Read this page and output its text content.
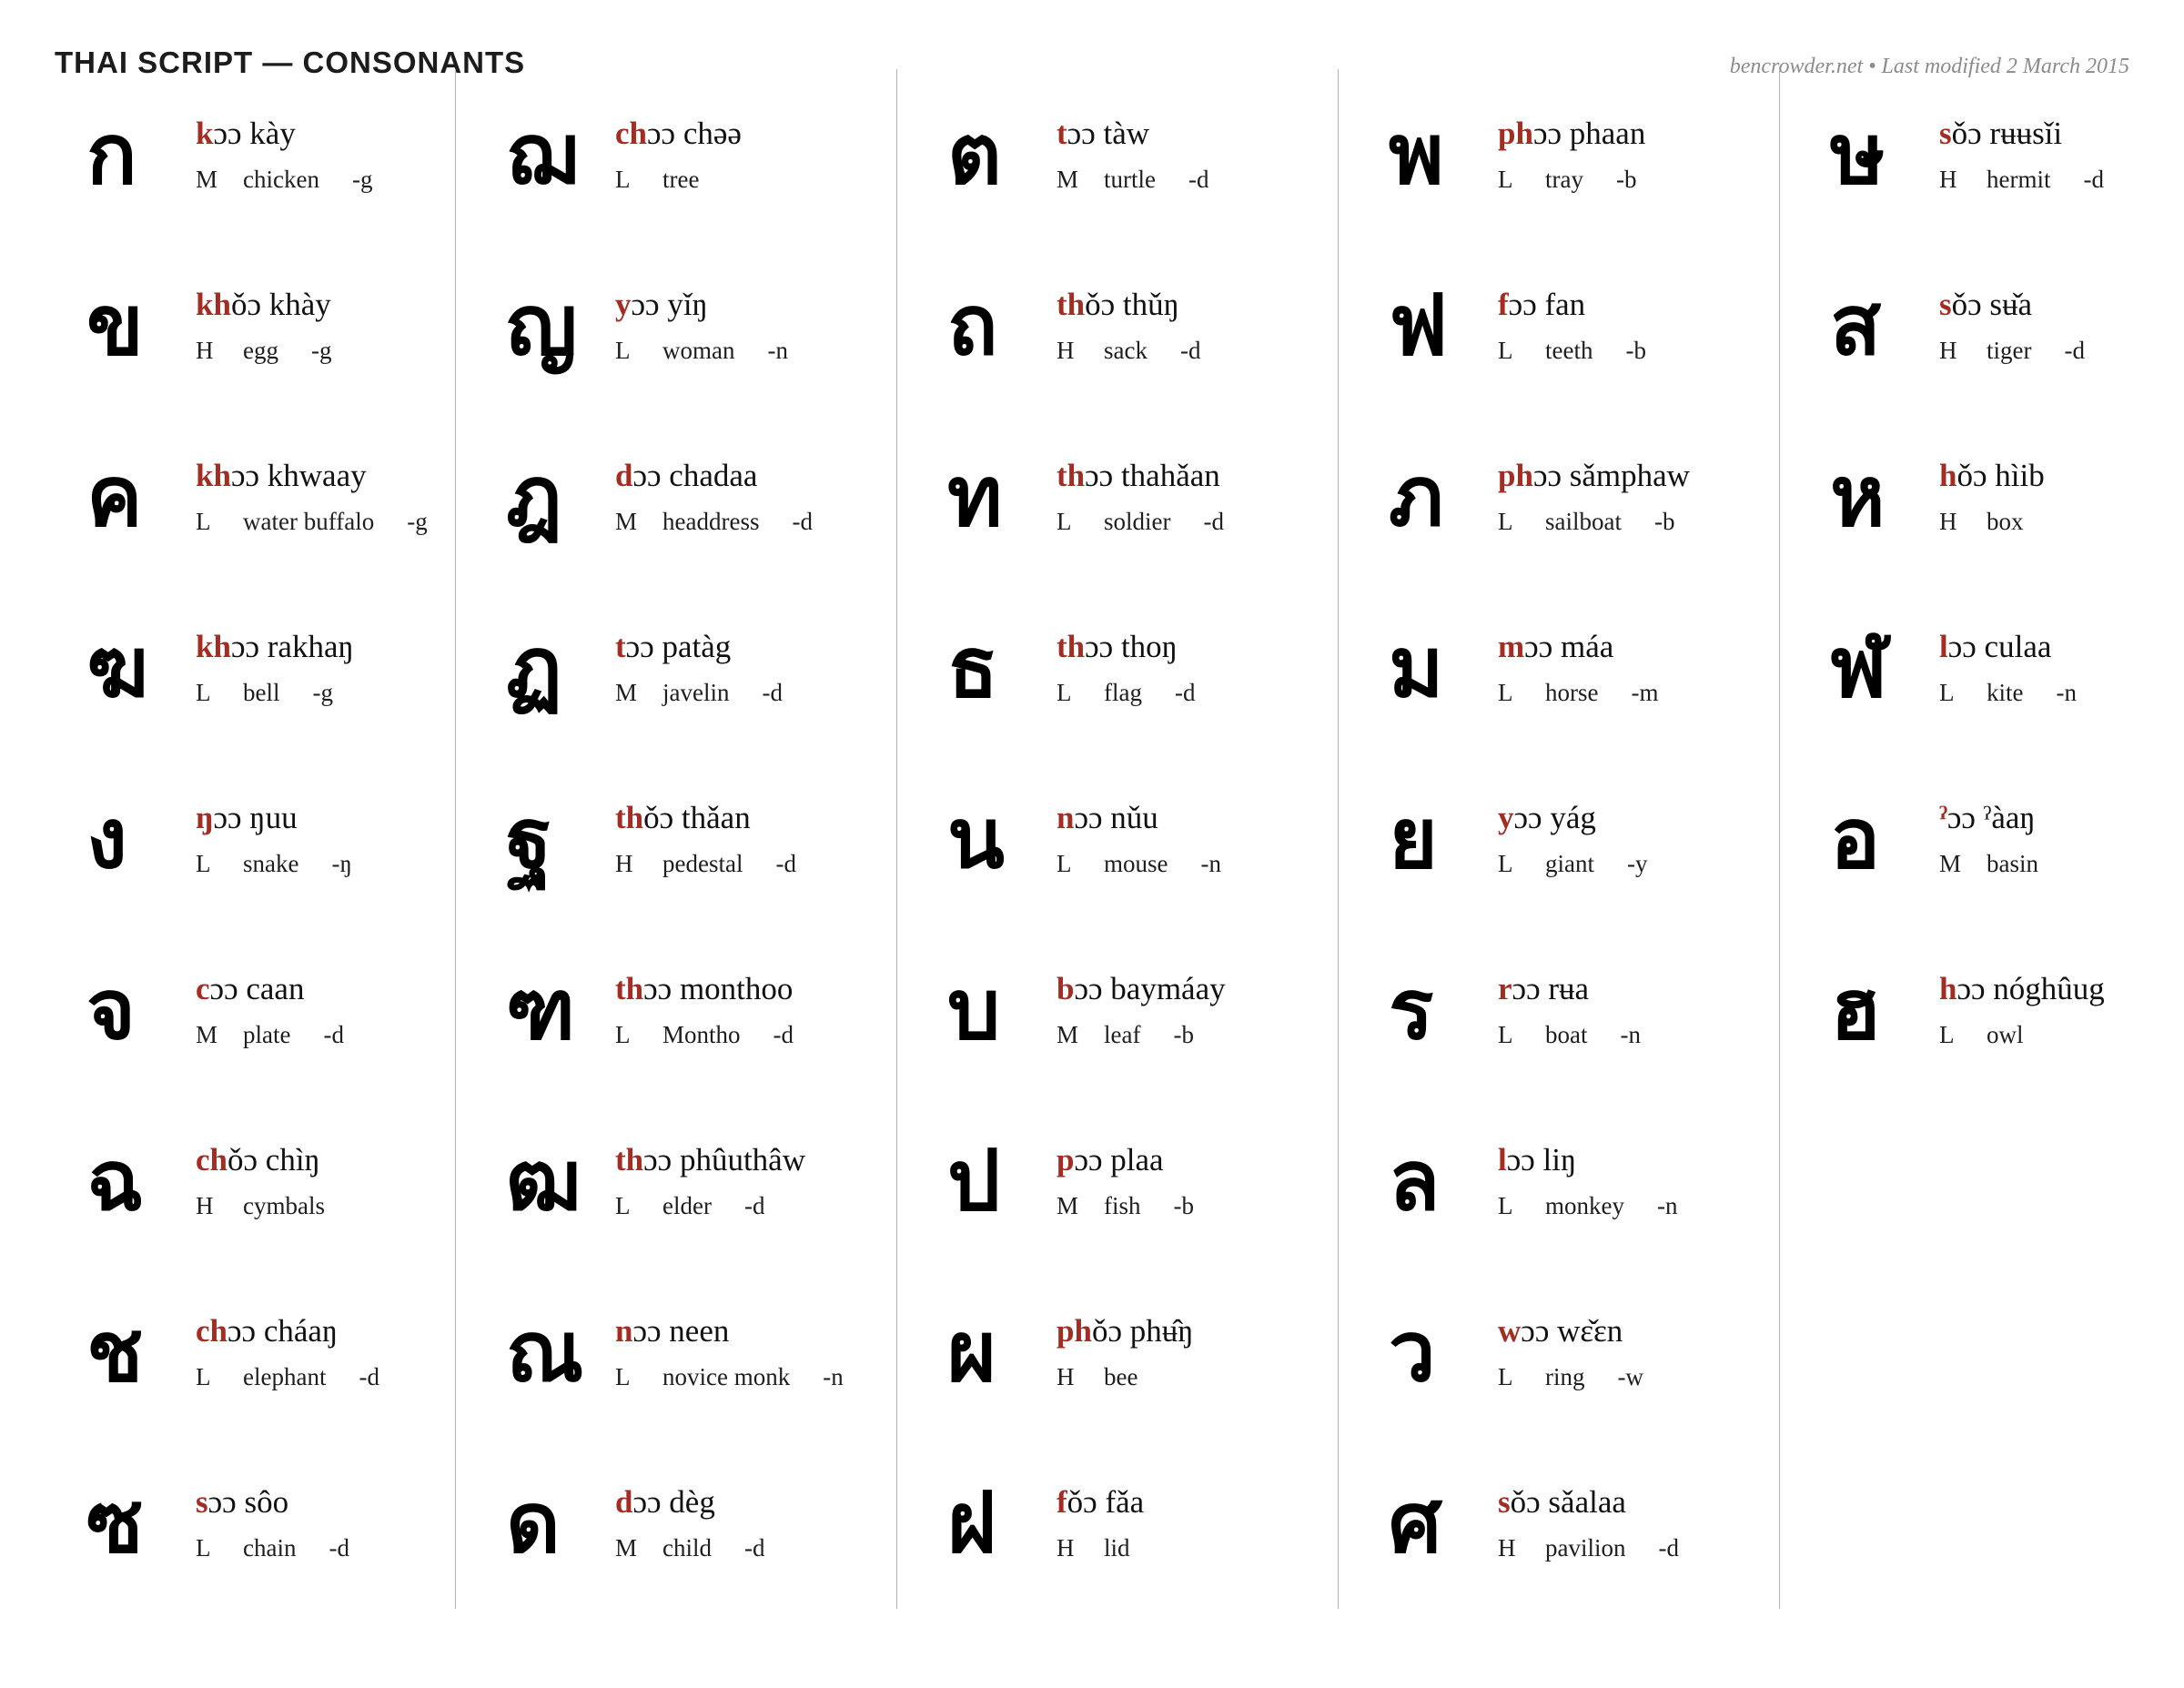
THAI SCRIPT — CONSONANTS	bencrowder.net • Last modified 2 March 2015
ก	kɔɔ kày
M chicken -g
ข	khǒɔ khày
H egg -g
ค	khɔɔ khwaay
L water buffalo -g
ฆ	khɔɔ rakhaŋ
L bell -g
ง	ŋɔɔ ŋuu
L snake -ŋ
จ	cɔɔ caan
M plate -d
ฉ	chǒɔ chìŋ
H cymbals
ช	chɔɔ cháaŋ
L elephant -d
ซ	sɔɔ sôo
L chain -d
ฌ	chɔɔ chəə
L tree
ญ	yɔɔ yǐŋ
L woman -n
ฎ	dɔɔ chadaa
M headdress -d
ฏ	tɔɔ patàg
M javelin -d
ฐ	thǒɔ thǎan
H pedestal -d
ฑ	thɔɔ monthoo
L Montho -d
ฒ	thɔɔ phûuthâw
L elder -d
ณ nɔɔ neen
L novice monk -n
ด	dɔɔ dèg
M child -d
ต	tɔɔ tàw
M turtle -d
ถ	thǒɔ thǔŋ
H sack -d
ท	thɔɔ thahǎan
L soldier -d
ธ	thɔɔ thoŋ
L flag -d
น	nɔɔ nǔu
L mouse -n
บ	bɔɔ baymáay
M leaf -b
ป	pɔɔ plaa
M fish -b
ผ	phǒɔ phʉ̂ŋ
H bee
ฝ	fǒɔ fǎa
H lid
พ	phɔɔ phaan
L tray -b
ฟ	fɔɔ fan
L teeth -b
ภ	phɔɔ sǎmphaw
L sailboat -b
ม	mɔɔ máa
L horse -m
ย	yɔɔ yág
L giant -y
ร	rɔɔ rʉa
L boat -n
ล	lɔɔ liŋ
L monkey -n
ว	wɔɔ wɛ̌ɛn
L ring -w
ศ	sǒɔ sǎalaa
H pavilion -d
ษ	sǒɔ rʉʉsǐi
H hermit -d
ส	sǒɔ sʉ̌a
H tiger -d
ห	hǒɔ hìib
H box
ฬ	lɔɔ culaa
L kite -n
อ	ˀɔɔ ˀàaŋ
M basin
ฮ	hɔɔ nóghûug
L owl
